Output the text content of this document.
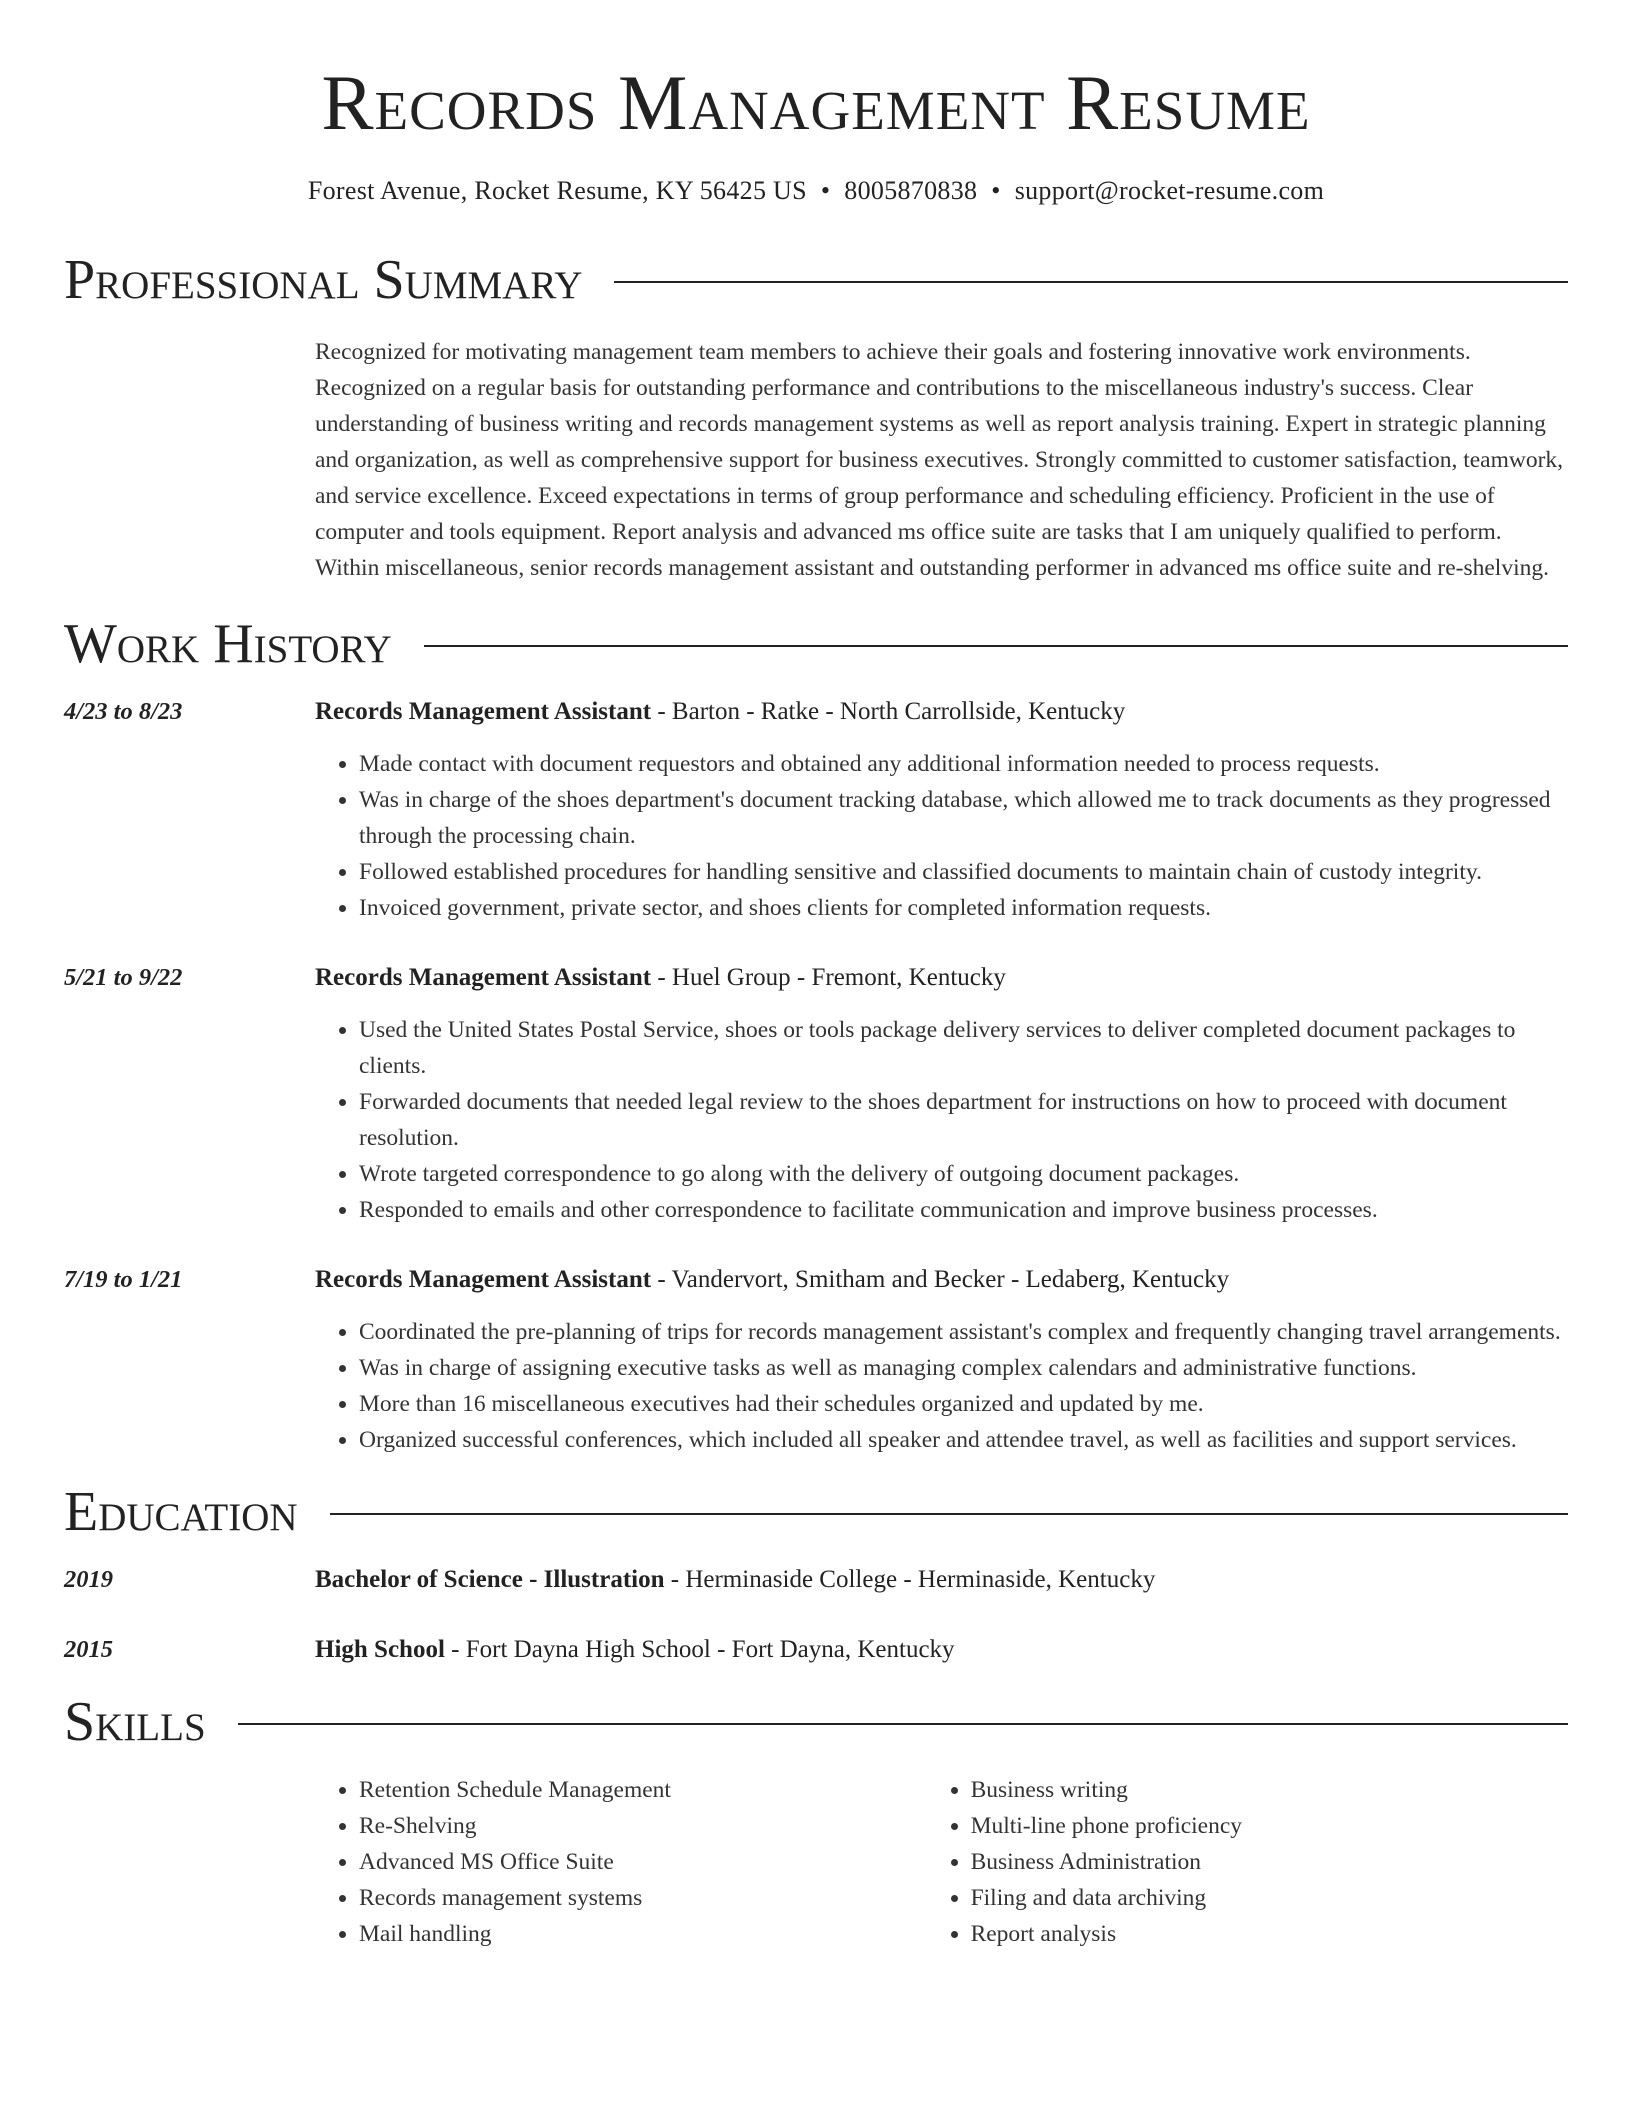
Records Management Resume
Forest Avenue, Rocket Resume, KY 56425 US • 8005870838 • support@rocket-resume.com
Professional Summary
Recognized for motivating management team members to achieve their goals and fostering innovative work environments. Recognized on a regular basis for outstanding performance and contributions to the miscellaneous industry's success. Clear understanding of business writing and records management systems as well as report analysis training. Expert in strategic planning and organization, as well as comprehensive support for business executives. Strongly committed to customer satisfaction, teamwork, and service excellence. Exceed expectations in terms of group performance and scheduling efficiency. Proficient in the use of computer and tools equipment. Report analysis and advanced ms office suite are tasks that I am uniquely qualified to perform. Within miscellaneous, senior records management assistant and outstanding performer in advanced ms office suite and re-shelving.
Work History
4/23 to 8/23	Records Management Assistant - Barton - Ratke - North Carrollside, Kentucky
• Made contact with document requestors and obtained any additional information needed to process requests.
• Was in charge of the shoes department's document tracking database, which allowed me to track documents as they progressed through the processing chain.
• Followed established procedures for handling sensitive and classified documents to maintain chain of custody integrity.
• Invoiced government, private sector, and shoes clients for completed information requests.
5/21 to 9/22	Records Management Assistant - Huel Group - Fremont, Kentucky
• Used the United States Postal Service, shoes or tools package delivery services to deliver completed document packages to clients.
• Forwarded documents that needed legal review to the shoes department for instructions on how to proceed with document resolution.
• Wrote targeted correspondence to go along with the delivery of outgoing document packages.
• Responded to emails and other correspondence to facilitate communication and improve business processes.
7/19 to 1/21	Records Management Assistant - Vandervort, Smitham and Becker - Ledaberg, Kentucky
• Coordinated the pre-planning of trips for records management assistant's complex and frequently changing travel arrangements.
• Was in charge of assigning executive tasks as well as managing complex calendars and administrative functions.
• More than 16 miscellaneous executives had their schedules organized and updated by me.
• Organized successful conferences, which included all speaker and attendee travel, as well as facilities and support services.
Education
2019	Bachelor of Science - Illustration - Herminaside College - Herminaside, Kentucky
2015	High School - Fort Dayna High School - Fort Dayna, Kentucky
Skills
• Retention Schedule Management
• Re-Shelving
• Advanced MS Office Suite
• Records management systems
• Mail handling
• Business writing
• Multi-line phone proficiency
• Business Administration
• Filing and data archiving
• Report analysis
